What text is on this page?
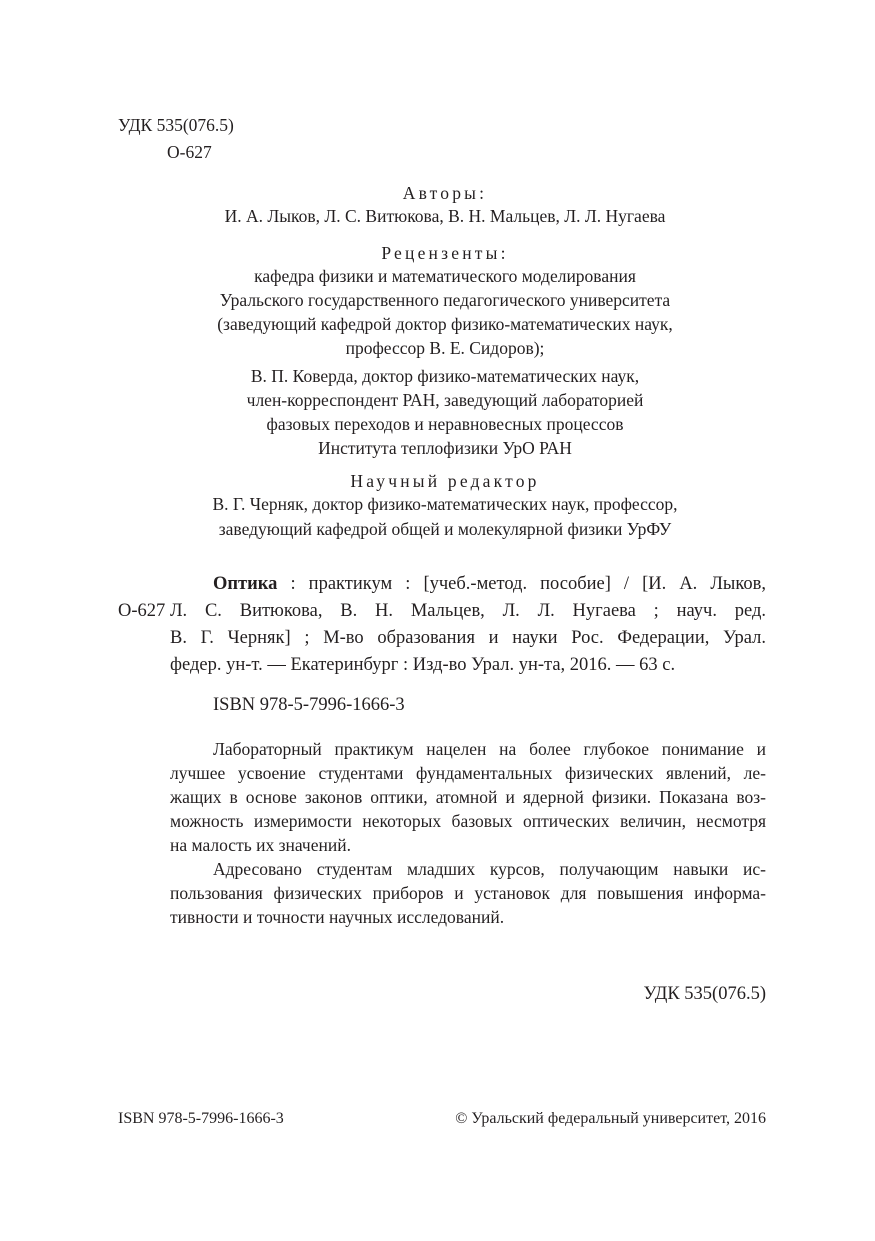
УДК 535(076.5)
О-627
Авторы:
И. А. Лыков, Л. С. Витюкова, В. Н. Мальцев, Л. Л. Нугаева
Рецензенты:
кафедра физики и математического моделирования
Уральского государственного педагогического университета
(заведующий кафедрой доктор физико-математических наук,
профессор В. Е. Сидоров);
В. П. Коверда, доктор физико-математических наук,
член-корреспондент РАН, заведующий лабораторией
фазовых переходов и неравновесных процессов
Института теплофизики УрО РАН
Научный редактор
В. Г. Черняк, доктор физико-математических наук, профессор,
заведующий кафедрой общей и молекулярной физики УрФУ
Оптика : практикум : [учеб.-метод. пособие] / [И. А. Лыков,
О-627 Л. С. Витюкова, В. Н. Мальцев, Л. Л. Нугаева ; науч. ред.
В. Г. Черняк] ; М-во образования и науки Рос. Федерации, Урал.
федер. ун-т. — Екатеринбург : Изд-во Урал. ун-та, 2016. — 63 с.
ISBN 978-5-7996-1666-3
Лабораторный практикум нацелен на более глубокое понимание и
лучшее усвоение студентами фундаментальных физических явлений, ле-
жащих в основе законов оптики, атомной и ядерной физики. Показана воз-
можность измеримости некоторых базовых оптических величин, несмотря
на малость их значений.
Адресовано студентам младших курсов, получающим навыки ис-
пользования физических приборов и установок для повышения информа-
тивности и точности научных исследований.
УДК 535(076.5)
ISBN 978-5-7996-1666-3	© Уральский федеральный университет, 2016
